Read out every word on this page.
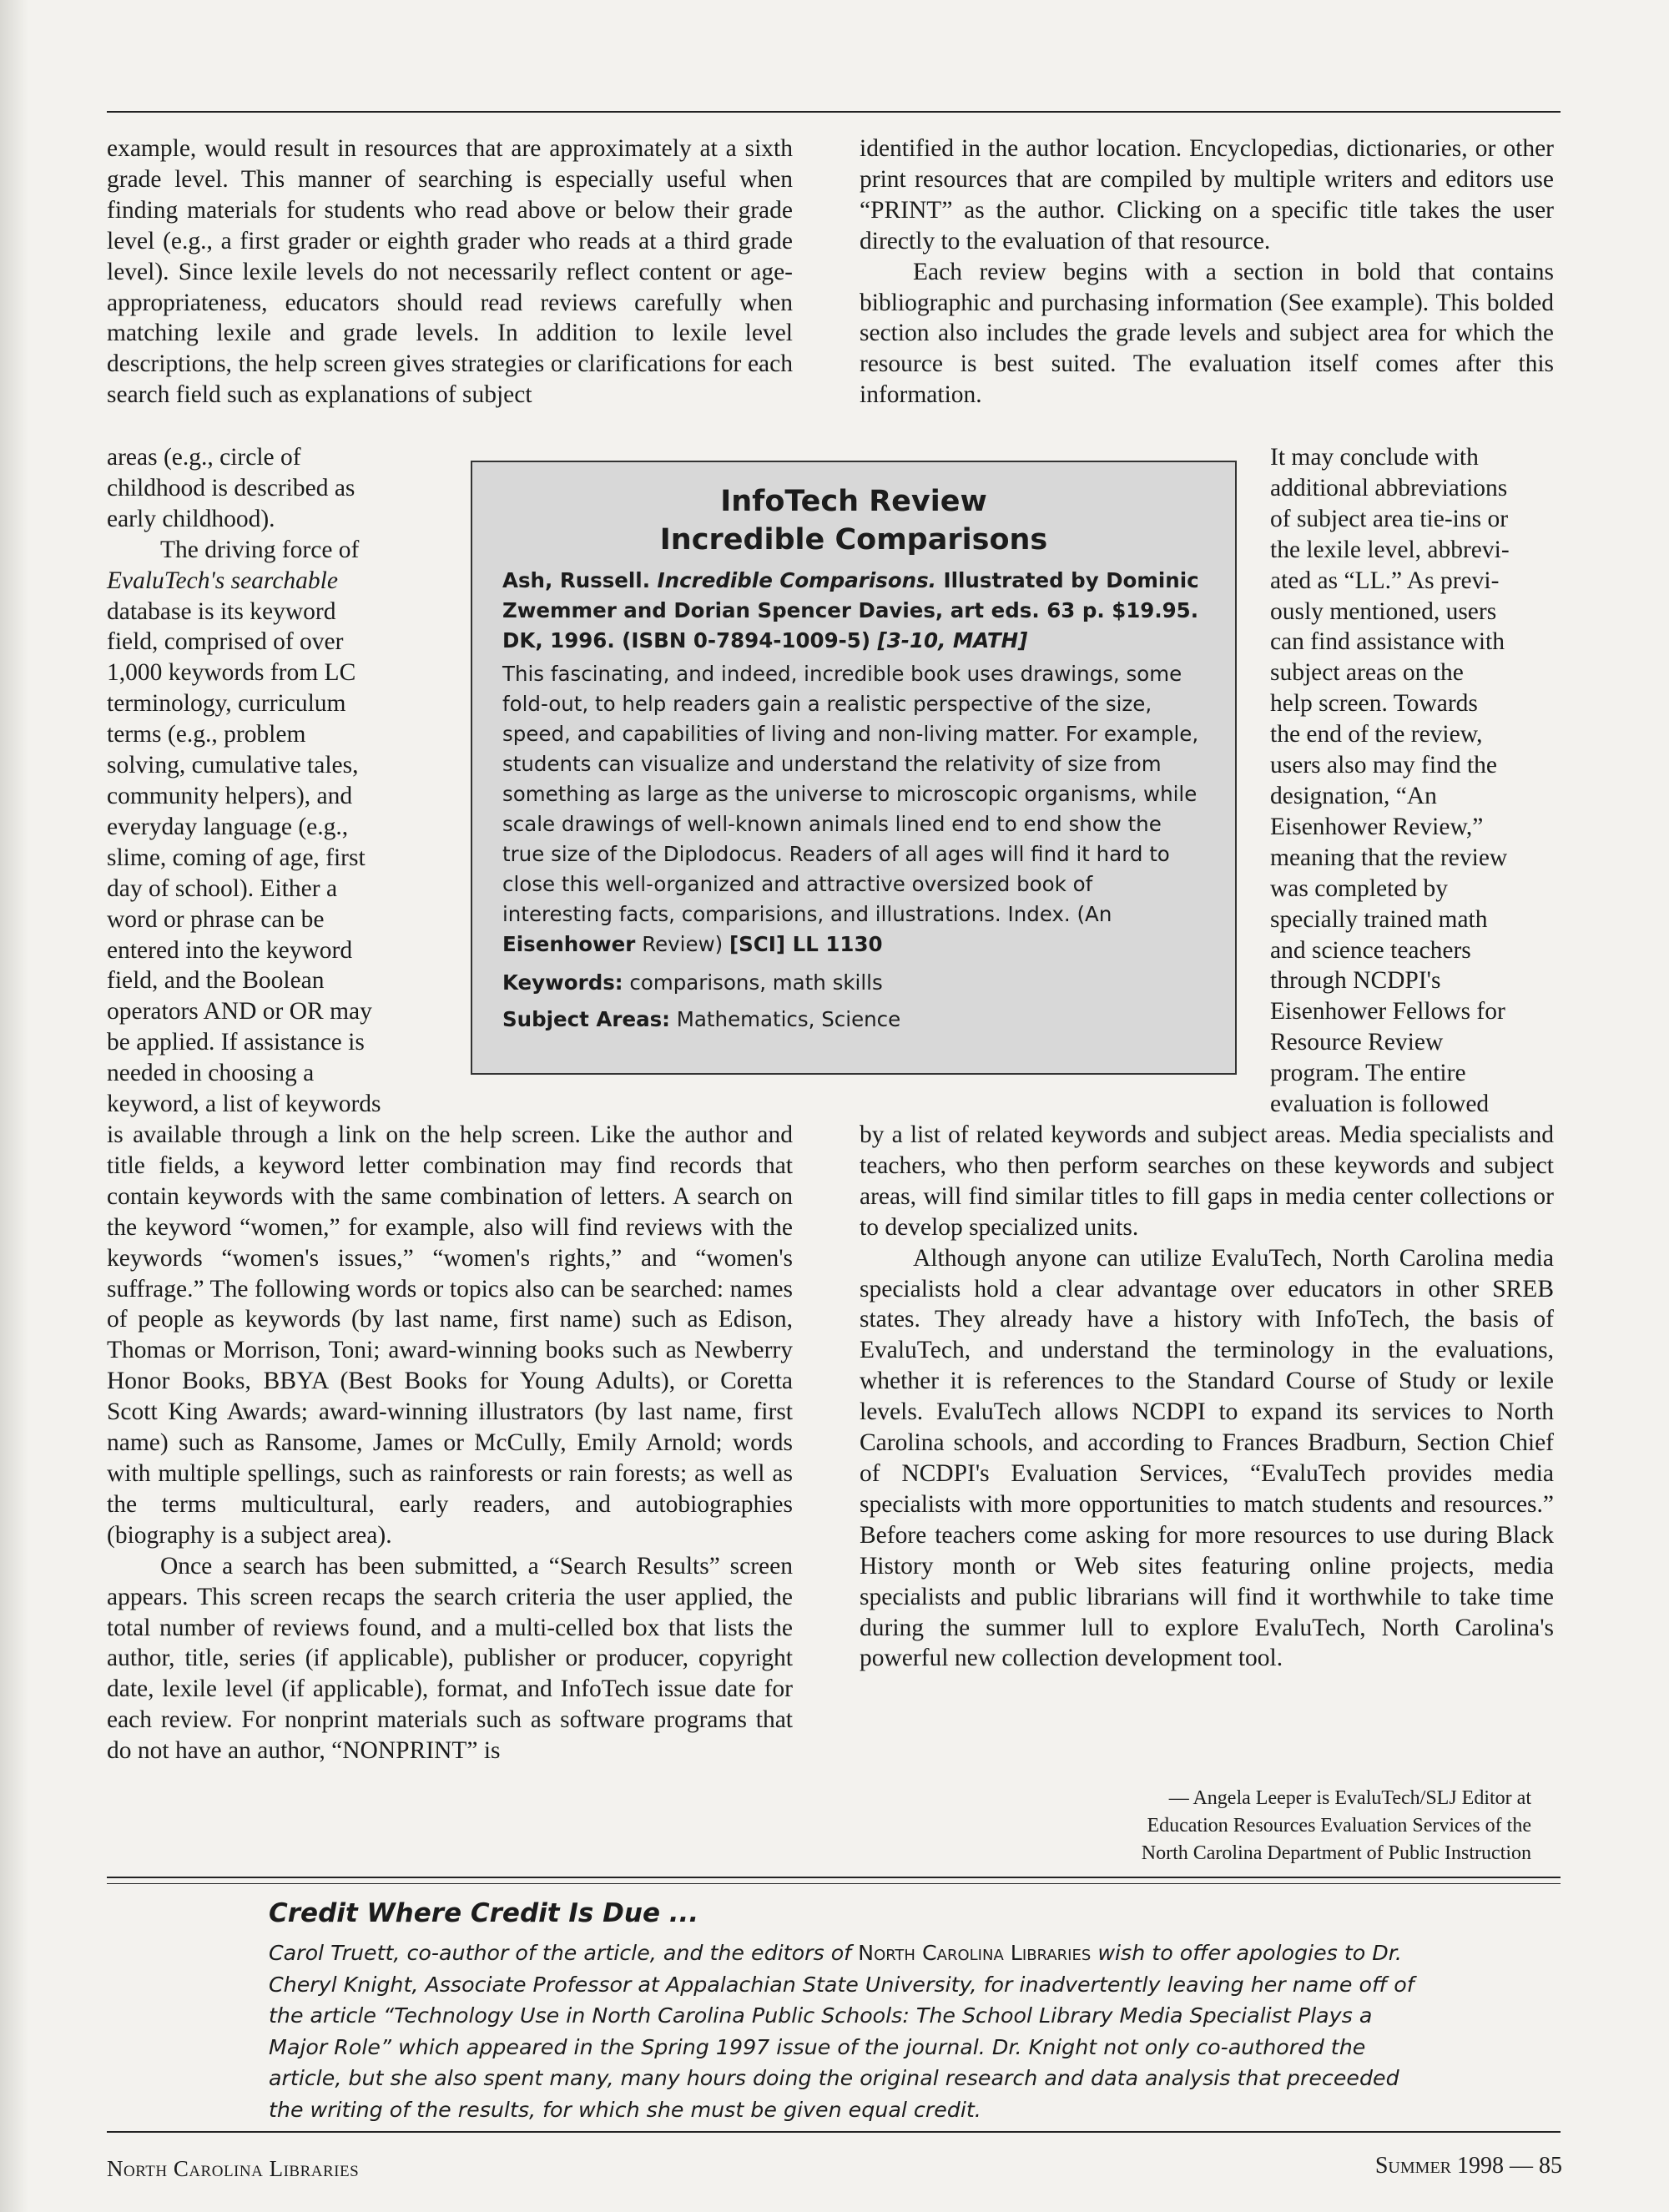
example, would result in resources that are approximately at a sixth grade level. This manner of searching is especially useful when finding materials for students who read above or below their grade level (e.g., a first grader or eighth grader who reads at a third grade level). Since lexile levels do not necessarily reflect content or age-appropriateness, educators should read reviews carefully when matching lexile and grade levels. In addition to lexile level descriptions, the help screen gives strategies or clarifications for each search field such as explanations of subject

areas (e.g., circle of
childhood is described as
early childhood).
The driving force of
EvaluTech's searchable
database is its keyword
field, comprised of over
1,000 keywords from LC
terminology, curriculum
terms (e.g., problem
solving, cumulative tales,
community helpers), and
everyday language (e.g.,
slime, coming of age, first
day of school). Either a
word or phrase can be
entered into the keyword
field, and the Boolean
operators AND or OR may
be applied. If assistance is
needed in choosing a
keyword, a list of keywords

is available through a link on the help screen. Like the author and title fields, a keyword letter combination may find records that contain keywords with the same combination of letters. A search on the keyword “women,” for example, also will find reviews with the keywords “women's issues,” “women's rights,” and “women's suffrage.” The following words or topics also can be searched: names of people as keywords (by last name, first name) such as Edison, Thomas or Morrison, Toni; award-winning books such as Newberry Honor Books, BBYA (Best Books for Young Adults), or Coretta Scott King Awards; award-winning illustrators (by last name, first name) such as Ransome, James or McCully, Emily Arnold; words with multiple spellings, such as rainforests or rain forests; as well as the terms multicultural, early readers, and autobiographies (biography is a subject area).

Once a search has been submitted, a “Search Results” screen appears. This screen recaps the search criteria the user applied, the total number of reviews found, and a multi-celled box that lists the author, title, series (if applicable), publisher or producer, copyright date, lexile level (if applicable), format, and InfoTech issue date for each review. For nonprint materials such as software programs that do not have an author, “NONPRINT” is

identified in the author location. Encyclopedias, dictionaries, or other print resources that are compiled by multiple writers and editors use “PRINT” as the author. Clicking on a specific title takes the user directly to the evaluation of that resource.

Each review begins with a section in bold that contains bibliographic and purchasing information (See example). This bolded section also includes the grade levels and subject area for which the resource is best suited. The evaluation itself comes after this information.

It may conclude with
additional abbreviations
of subject area tie-ins or
the lexile level, abbrevi-
ated as “LL.” As previ-
ously mentioned, users
can find assistance with
subject areas on the
help screen. Towards
the end of the review,
users also may find the
designation, “An
Eisenhower Review,”
meaning that the review
was completed by
specially trained math
and science teachers
through NCDPI's
Eisenhower Fellows for
Resource Review
program. The entire
evaluation is followed

by a list of related keywords and subject areas. Media specialists and teachers, who then perform searches on these keywords and subject areas, will find similar titles to fill gaps in media center collections or to develop specialized units.

Although anyone can utilize EvaluTech, North Carolina media specialists hold a clear advantage over educators in other SREB states. They already have a history with InfoTech, the basis of EvaluTech, and understand the terminology in the evaluations, whether it is references to the Standard Course of Study or lexile levels. EvaluTech allows NCDPI to expand its services to North Carolina schools, and according to Frances Bradburn, Section Chief of NCDPI's Evaluation Services, “EvaluTech provides media specialists with more opportunities to match students and resources.” Before teachers come asking for more resources to use during Black History month or Web sites featuring online projects, media specialists and public librarians will find it worthwhile to take time during the summer lull to explore EvaluTech, North Carolina's powerful new collection development tool.

— Angela Leeper is EvaluTech/SLJ Editor at
Education Resources Evaluation Services of the
North Carolina Department of Public Instruction
InfoTech Review
Incredible Comparisons
Ash, Russell. Incredible Comparisons. Illustrated by Dominic Zwemmer and Dorian Spencer Davies, art eds. 63 p. $19.95. DK, 1996. (ISBN 0-7894-1009-5) [3-10, MATH]
This fascinating, and indeed, incredible book uses drawings, some fold-out, to help readers gain a realistic perspective of the size, speed, and capabilities of living and non-living matter. For example, students can visualize and understand the relativity of size from something as large as the universe to microscopic organisms, while scale drawings of well-known animals lined end to end show the true size of the Diplodocus. Readers of all ages will find it hard to close this well-organized and attractive oversized book of interesting facts, comparisions, and illustrations. Index. (An Eisenhower Review) [SCI] LL 1130
Keywords: comparisons, math skills
Subject Areas: Mathematics, Science
Credit Where Credit Is Due ...
Carol Truett, co-author of the article, and the editors of North Carolina Libraries wish to offer apologies to Dr. Cheryl Knight, Associate Professor at Appalachian State University, for inadvertently leaving her name off of the article “Technology Use in North Carolina Public Schools: The School Library Media Specialist Plays a Major Role” which appeared in the Spring 1997 issue of the journal. Dr. Knight not only co-authored the article, but she also spent many, many hours doing the original research and data analysis that preceeded the writing of the results, for which she must be given equal credit.
North Carolina Libraries	Summer 1998 — 85
